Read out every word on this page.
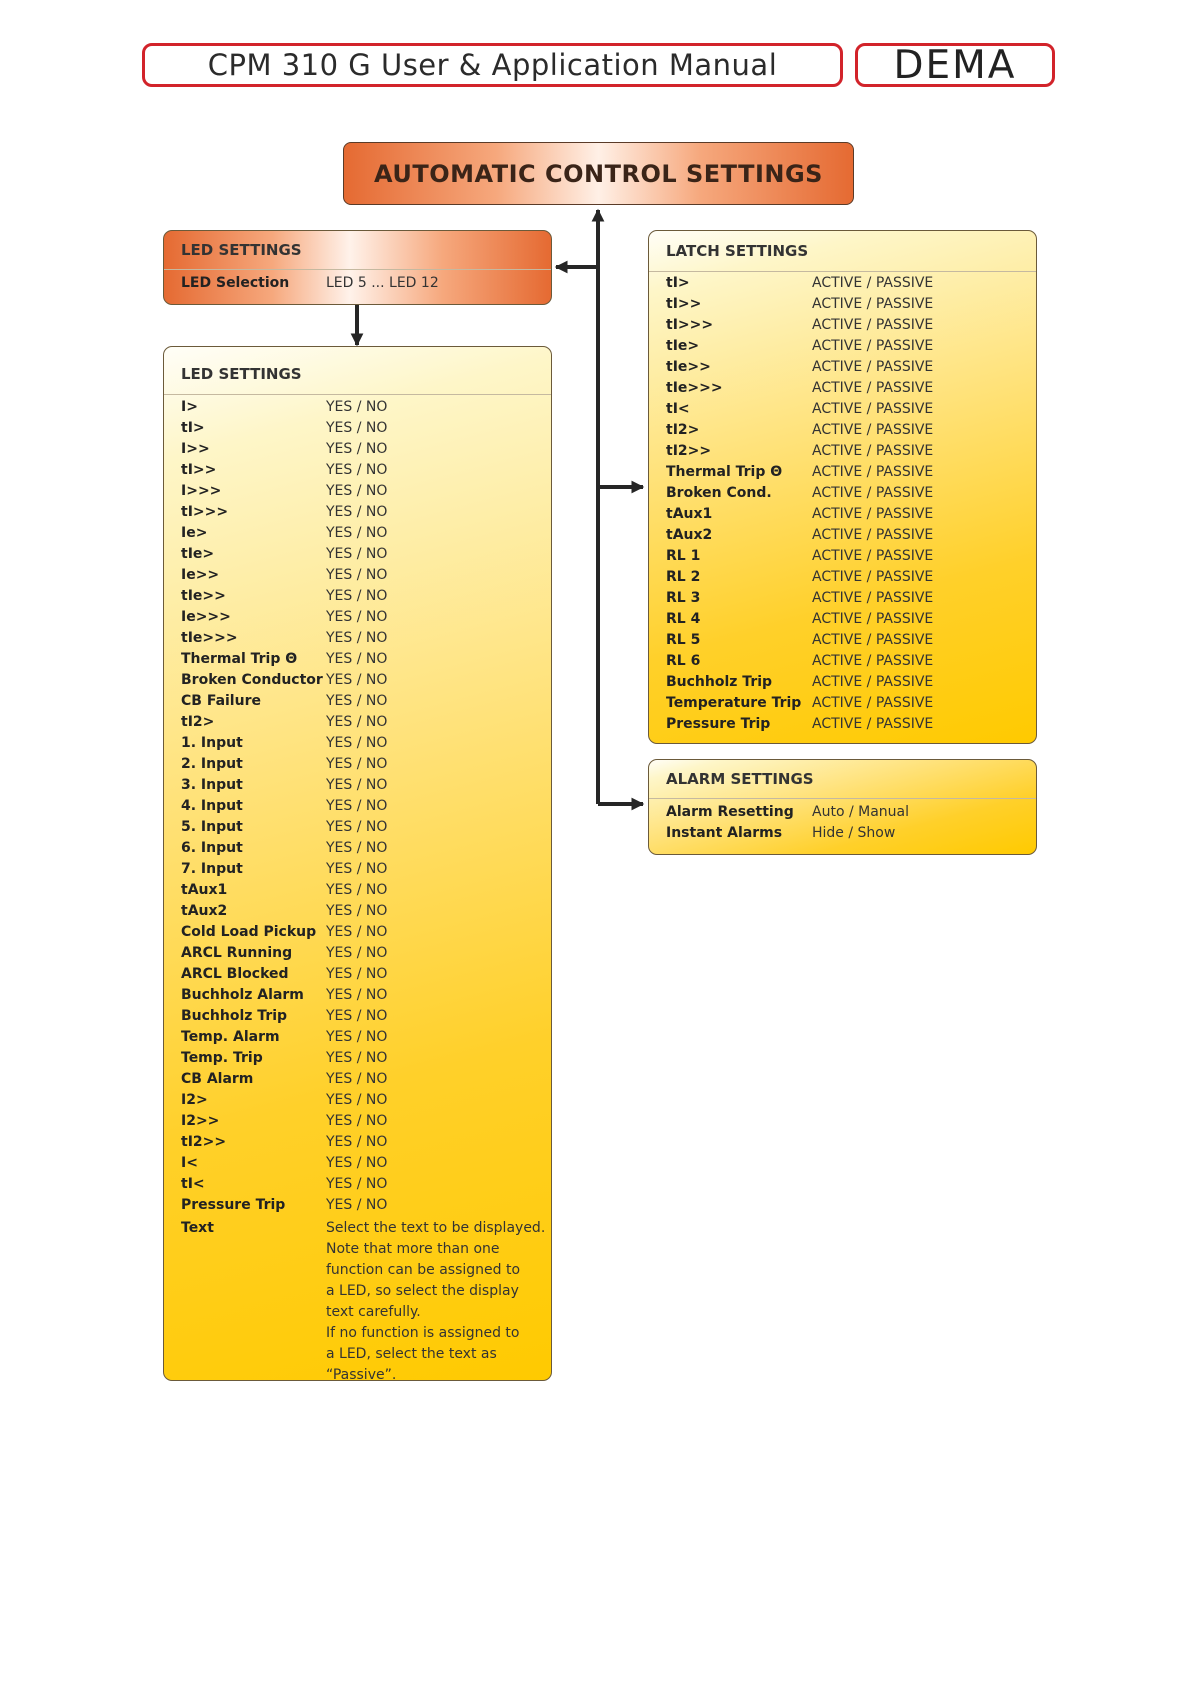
CPM 310 G User & Application Manual	DEMA
AUTOMATIC CONTROL SETTINGS
LED SETTINGS
LED Selection	LED 5 ... LED 12
LED SETTINGS
I>	YES / NO
tI>	YES / NO
I>>	YES / NO
tI>>	YES / NO
I>>>	YES / NO
tI>>>	YES / NO
Ie>	YES / NO
tIe>	YES / NO
Ie>>	YES / NO
tIe>>	YES / NO
Ie>>>	YES / NO
tIe>>>	YES / NO
Thermal Trip Θ	YES / NO
Broken Conductor YES / NO
CB Failure	YES / NO
tI2>	YES / NO
1. Input	YES / NO
2. Input	YES / NO
3. Input	YES / NO
4. Input	YES / NO
5. Input	YES / NO
6. Input	YES / NO
7. Input	YES / NO
tAux1	YES / NO
tAux2	YES / NO
Cold Load Pickup YES / NO
ARCL Running	YES / NO
ARCL Blocked	YES / NO
Buchholz Alarm	YES / NO
Buchholz Trip	YES / NO
Temp. Alarm	YES / NO
Temp. Trip	YES / NO
CB Alarm	YES / NO
I2>	YES / NO
I2>>	YES / NO
tI2>>	YES / NO
I<	YES / NO
tI<	YES / NO
Pressure Trip	YES / NO
Text	Select the text to be displayed.
Note that more than one
function can be assigned to
a LED, so select the display
text carefully.
If no function is assigned to
a LED, select the text as
“Passive”.
LATCH SETTINGS
tI>	ACTIVE / PASSIVE
tI>>	ACTIVE / PASSIVE
tI>>>	ACTIVE / PASSIVE
tIe>	ACTIVE / PASSIVE
tIe>>	ACTIVE / PASSIVE
tIe>>>	ACTIVE / PASSIVE
tI<	ACTIVE / PASSIVE
tI2>	ACTIVE / PASSIVE
tI2>>	ACTIVE / PASSIVE
Thermal Trip Θ	ACTIVE / PASSIVE
Broken Cond.	ACTIVE / PASSIVE
tAux1	ACTIVE / PASSIVE
tAux2	ACTIVE / PASSIVE
RL 1	ACTIVE / PASSIVE
RL 2	ACTIVE / PASSIVE
RL 3	ACTIVE / PASSIVE
RL 4	ACTIVE / PASSIVE
RL 5	ACTIVE / PASSIVE
RL 6	ACTIVE / PASSIVE
Buchholz Trip	ACTIVE / PASSIVE
Temperature Trip ACTIVE / PASSIVE
Pressure Trip	ACTIVE / PASSIVE
ALARM SETTINGS
Alarm Resetting	Auto / Manual
Instant Alarms	Hide / Show
